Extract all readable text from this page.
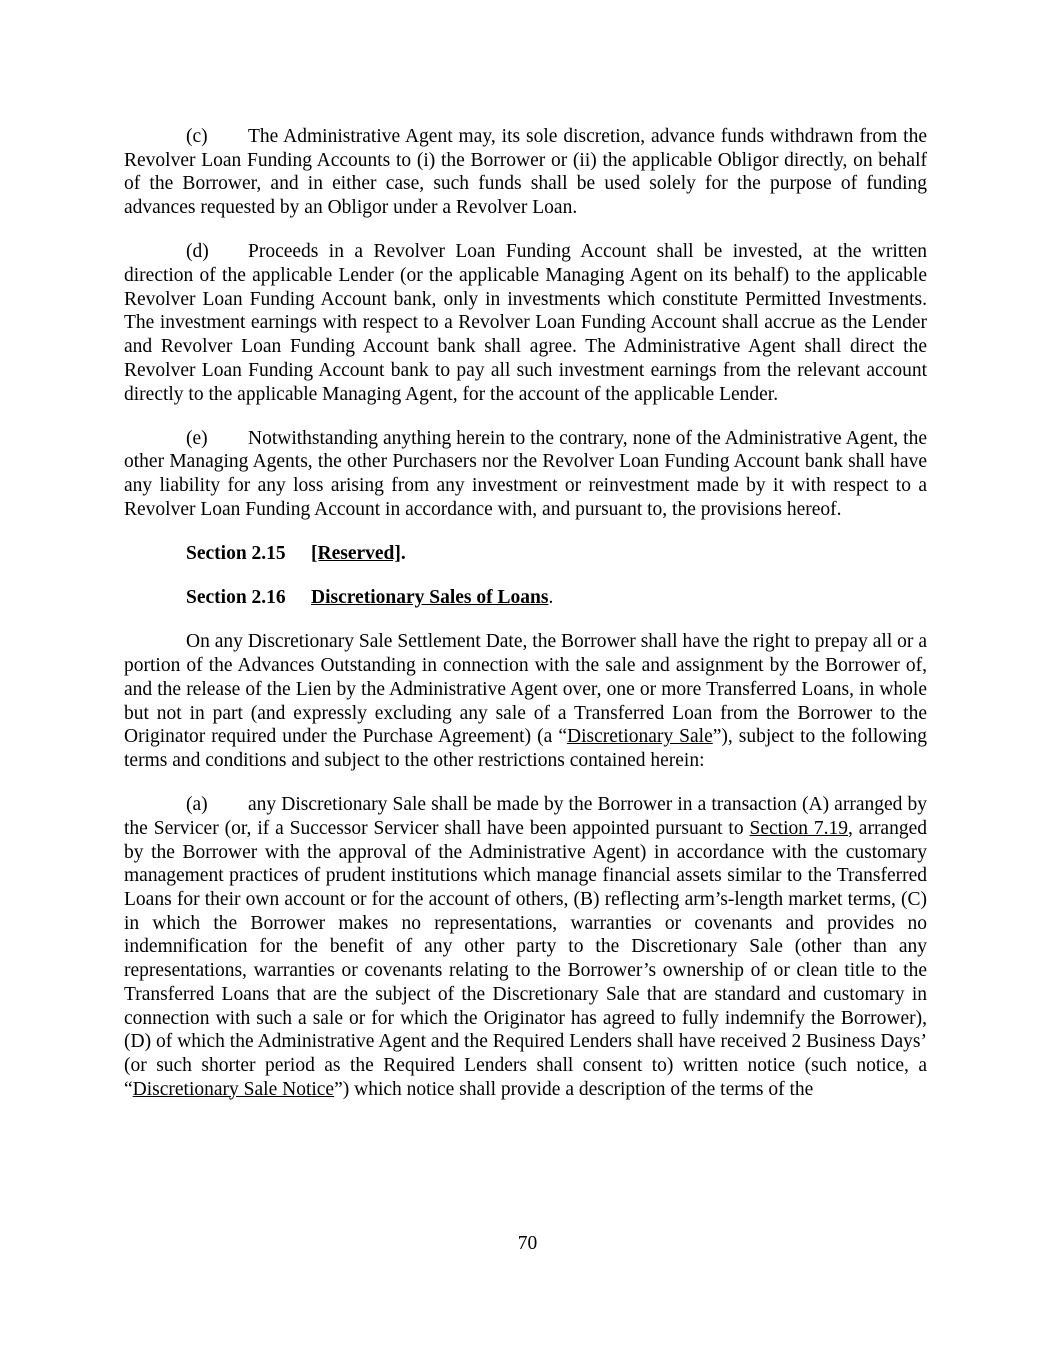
(c) The Administrative Agent may, its sole discretion, advance funds withdrawn from the Revolver Loan Funding Accounts to (i) the Borrower or (ii) the applicable Obligor directly, on behalf of the Borrower, and in either case, such funds shall be used solely for the purpose of funding advances requested by an Obligor under a Revolver Loan.

(d) Proceeds in a Revolver Loan Funding Account shall be invested, at the written direction of the applicable Lender (or the applicable Managing Agent on its behalf) to the applicable Revolver Loan Funding Account bank, only in investments which constitute Permitted Investments. The investment earnings with respect to a Revolver Loan Funding Account shall accrue as the Lender and Revolver Loan Funding Account bank shall agree. The Administrative Agent shall direct the Revolver Loan Funding Account bank to pay all such investment earnings from the relevant account directly to the applicable Managing Agent, for the account of the applicable Lender.

(e) Notwithstanding anything herein to the contrary, none of the Administrative Agent, the other Managing Agents, the other Purchasers nor the Revolver Loan Funding Account bank shall have any liability for any loss arising from any investment or reinvestment made by it with respect to a Revolver Loan Funding Account in accordance with, and pursuant to, the provisions hereof.

Section 2.15 [Reserved].

Section 2.16 Discretionary Sales of Loans.

On any Discretionary Sale Settlement Date, the Borrower shall have the right to prepay all or a portion of the Advances Outstanding in connection with the sale and assignment by the Borrower of, and the release of the Lien by the Administrative Agent over, one or more Transferred Loans, in whole but not in part (and expressly excluding any sale of a Transferred Loan from the Borrower to the Originator required under the Purchase Agreement) (a “Discretionary Sale”), subject to the following terms and conditions and subject to the other restrictions contained herein:

(a) any Discretionary Sale shall be made by the Borrower in a transaction (A) arranged by the Servicer (or, if a Successor Servicer shall have been appointed pursuant to Section 7.19, arranged by the Borrower with the approval of the Administrative Agent) in accordance with the customary management practices of prudent institutions which manage financial assets similar to the Transferred Loans for their own account or for the account of others, (B) reflecting arm’s-length market terms, (C) in which the Borrower makes no representations, warranties or covenants and provides no indemnification for the benefit of any other party to the Discretionary Sale (other than any representations, warranties or covenants relating to the Borrower’s ownership of or clean title to the Transferred Loans that are the subject of the Discretionary Sale that are standard and customary in connection with such a sale or for which the Originator has agreed to fully indemnify the Borrower), (D) of which the Administrative Agent and the Required Lenders shall have received 2 Business Days’ (or such shorter period as the Required Lenders shall consent to) written notice (such notice, a “Discretionary Sale Notice”) which notice shall provide a description of the terms of the

70
